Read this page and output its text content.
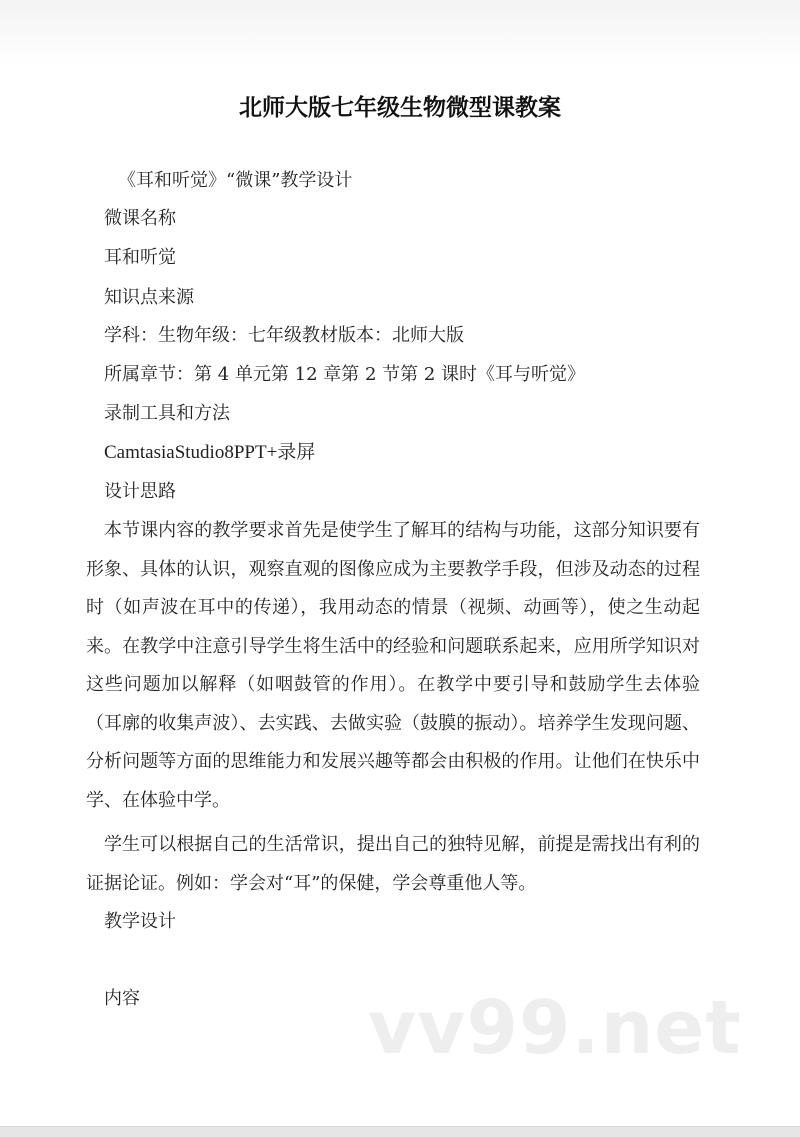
北师大版七年级生物微型课教案

《耳和听觉》“微课”教学设计

微课名称

耳和听觉

知识点来源

学科：生物年级：七年级教材版本：北师大版

所属章节：第 4 单元第 12 章第 2 节第 2 课时《耳与听觉》

录制工具和方法

CamtasiaStudio8PPT+录屏

设计思路

本节课内容的教学要求首先是使学生了解耳的结构与功能，这部分知识要有形象、具体的认识，观察直观的图像应成为主要教学手段，但涉及动态的过程时（如声波在耳中的传递），我用动态的情景（视频、动画等），使之生动起来。在教学中注意引导学生将生活中的经验和问题联系起来，应用所学知识对这些问题加以解释（如咽鼓管的作用）。在教学中要引导和鼓励学生去体验（耳廓的收集声波）、去实践、去做实验（鼓膜的振动）。培养学生发现问题、分析问题等方面的思维能力和发展兴趣等都会由积极的作用。让他们在快乐中学、在体验中学。

学生可以根据自己的生活常识，提出自己的独特见解，前提是需找出有利的证据论证。例如：学会对“耳”的保健，学会尊重他人等。

教学设计

内容	vv99.net
